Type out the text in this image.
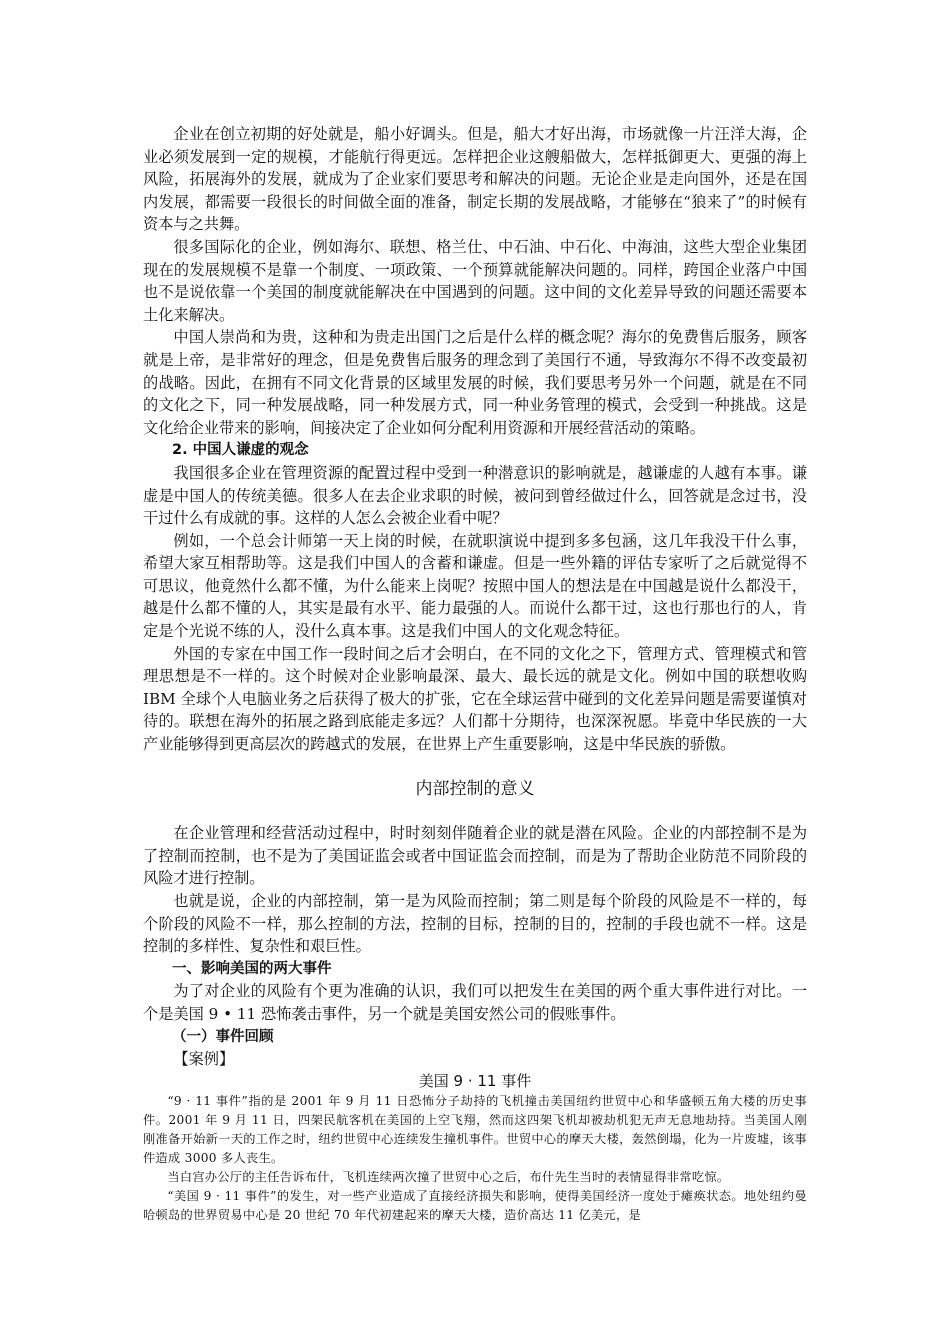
企业在创立初期的好处就是，船小好调头。但是，船大才好出海，市场就像一片汪洋大海，企业必须发展到一定的规模，才能航行得更远。怎样把企业这艘船做大，怎样抵御更大、更强的海上风险，拓展海外的发展，就成为了企业家们要思考和解决的问题。无论企业是走向国外，还是在国内发展，都需要一段很长的时间做全面的准备，制定长期的发展战略，才能够在“狼来了”的时候有资本与之共舞。

很多国际化的企业，例如海尔、联想、格兰仕、中石油、中石化、中海油，这些大型企业集团现在的发展规模不是靠一个制度、一项政策、一个预算就能解决问题的。同样，跨国企业落户中国也不是说依靠一个美国的制度就能解决在中国遇到的问题。这中间的文化差异导致的问题还需要本土化来解决。

中国人崇尚和为贵，这种和为贵走出国门之后是什么样的概念呢？海尔的免费售后服务，顾客就是上帝，是非常好的理念，但是免费售后服务的理念到了美国行不通，导致海尔不得不改变最初的战略。因此，在拥有不同文化背景的区域里发展的时候，我们要思考另外一个问题，就是在不同的文化之下，同一种发展战略，同一种发展方式，同一种业务管理的模式，会受到一种挑战。这是文化给企业带来的影响，间接决定了企业如何分配利用资源和开展经营活动的策略。

2. 中国人谦虚的观念

我国很多企业在管理资源的配置过程中受到一种潜意识的影响就是，越谦虚的人越有本事。谦虚是中国人的传统美德。很多人在去企业求职的时候，被问到曾经做过什么，回答就是念过书，没干过什么有成就的事。这样的人怎么会被企业看中呢？

例如，一个总会计师第一天上岗的时候，在就职演说中提到多多包涵，这几年我没干什么事，希望大家互相帮助等。这是我们中国人的含蓄和谦虚。但是一些外籍的评估专家听了之后就觉得不可思议，他竟然什么都不懂，为什么能来上岗呢？按照中国人的想法是在中国越是说什么都没干，越是什么都不懂的人，其实是最有水平、能力最强的人。而说什么都干过，这也行那也行的人，肯定是个光说不练的人，没什么真本事。这是我们中国人的文化观念特征。

外国的专家在中国工作一段时间之后才会明白，在不同的文化之下，管理方式、管理模式和管理思想是不一样的。这个时候对企业影响最深、最大、最长远的就是文化。例如中国的联想收购 IBM 全球个人电脑业务之后获得了极大的扩张，它在全球运营中碰到的文化差异问题是需要谨慎对待的。联想在海外的拓展之路到底能走多远？人们都十分期待，也深深祝愿。毕竟中华民族的一大产业能够得到更高层次的跨越式的发展，在世界上产生重要影响，这是中华民族的骄傲。

内部控制的意义

在企业管理和经营活动过程中，时时刻刻伴随着企业的就是潜在风险。企业的内部控制不是为了控制而控制，也不是为了美国证监会或者中国证监会而控制，而是为了帮助企业防范不同阶段的风险才进行控制。

也就是说，企业的内部控制，第一是为风险而控制；第二则是每个阶段的风险是不一样的，每个阶段的风险不一样，那么控制的方法，控制的目标，控制的目的，控制的手段也就不一样。这是控制的多样性、复杂性和艰巨性。

一、影响美国的两大事件

为了对企业的风险有个更为准确的认识，我们可以把发生在美国的两个重大事件进行对比。一个是美国 9 • 11 恐怖袭击事件，另一个就是美国安然公司的假账事件。

（一）事件回顾

【案例】

美国 9 · 11 事件

“9 · 11 事件”指的是 2001 年 9 月 11 日恐怖分子劫持的飞机撞击美国纽约世贸中心和华盛顿五角大楼的历史事件。2001 年 9 月 11 日，四架民航客机在美国的上空飞翔，然而这四架飞机却被劫机犯无声无息地劫持。当美国人刚刚准备开始新一天的工作之时，纽约世贸中心连续发生撞机事件。世贸中心的摩天大楼，轰然倒塌，化为一片废墟，该事件造成 3000 多人丧生。

当白宫办公厅的主任告诉布什，飞机连续两次撞了世贸中心之后，布什先生当时的表情显得非常吃惊。

“美国 9 · 11 事件”的发生，对一些产业造成了直接经济损失和影响，使得美国经济一度处于瘫痪状态。地处纽约曼哈顿岛的世界贸易中心是 20 世纪 70 年代初建起来的摩天大楼，造价高达 11 亿美元，是
